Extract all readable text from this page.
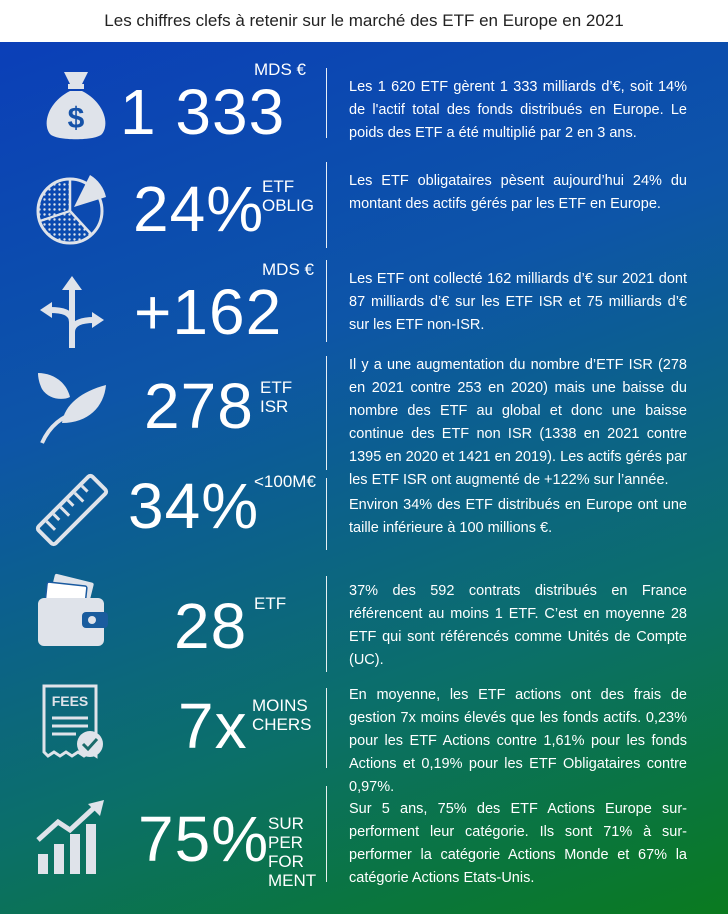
Les chiffres clefs à retenir sur le marché des ETF en Europe en 2021
$ 1 333
MDS €
Les 1 620 ETF gèrent 1 333 milliards d’€, soit 14% de l'actif total des fonds distribués en Europe. Le poids des ETF a été multiplié par 2 en 3 ans.
24%
ETF OBLIG
Les ETF obligataires pèsent aujourd’hui 24% du montant des actifs gérés par les ETF en Europe.
+162
MDS € Les ETF ont collecté 162 milliards d’€ sur 2021 dont 87 milliards d’€ sur les ETF ISR et 75 milliards d’€ sur les ETF non-ISR.
278 ETF ISR
Il y a une augmentation du nombre d’ETF ISR (278 en 2021 contre 253 en 2020) mais une baisse du nombre des ETF au global et donc une baisse continue des ETF non ISR (1338 en 2021 contre 1395 en 2020 et 1421 en 2019). Les actifs gérés par les ETF ISR ont augmenté de +122% sur l’année.
34%
<100M€
Environ 34% des ETF distribués en Europe ont une taille inférieure à 100 millions €.
28 ETF
37% des 592 contrats distribués en France référencent au moins 1 ETF. C’est en moyenne 28 ETF qui sont référencés comme Unités de Compte (UC).
FEES 7x MOINS CHERS
En moyenne, les ETF actions ont des frais de gestion 7x moins élevés que les fonds actifs. 0,23% pour les ETF Actions contre 1,61% pour les fonds Actions et 0,19% pour les ETF Obligataires contre 0,97%.
75%
SUR PER FOR MENT
Sur 5 ans, 75% des ETF Actions Europe sur-performent leur catégorie. Ils sont 71% à sur-performer la catégorie Actions Monde et 67% la catégorie Actions Etats-Unis.
